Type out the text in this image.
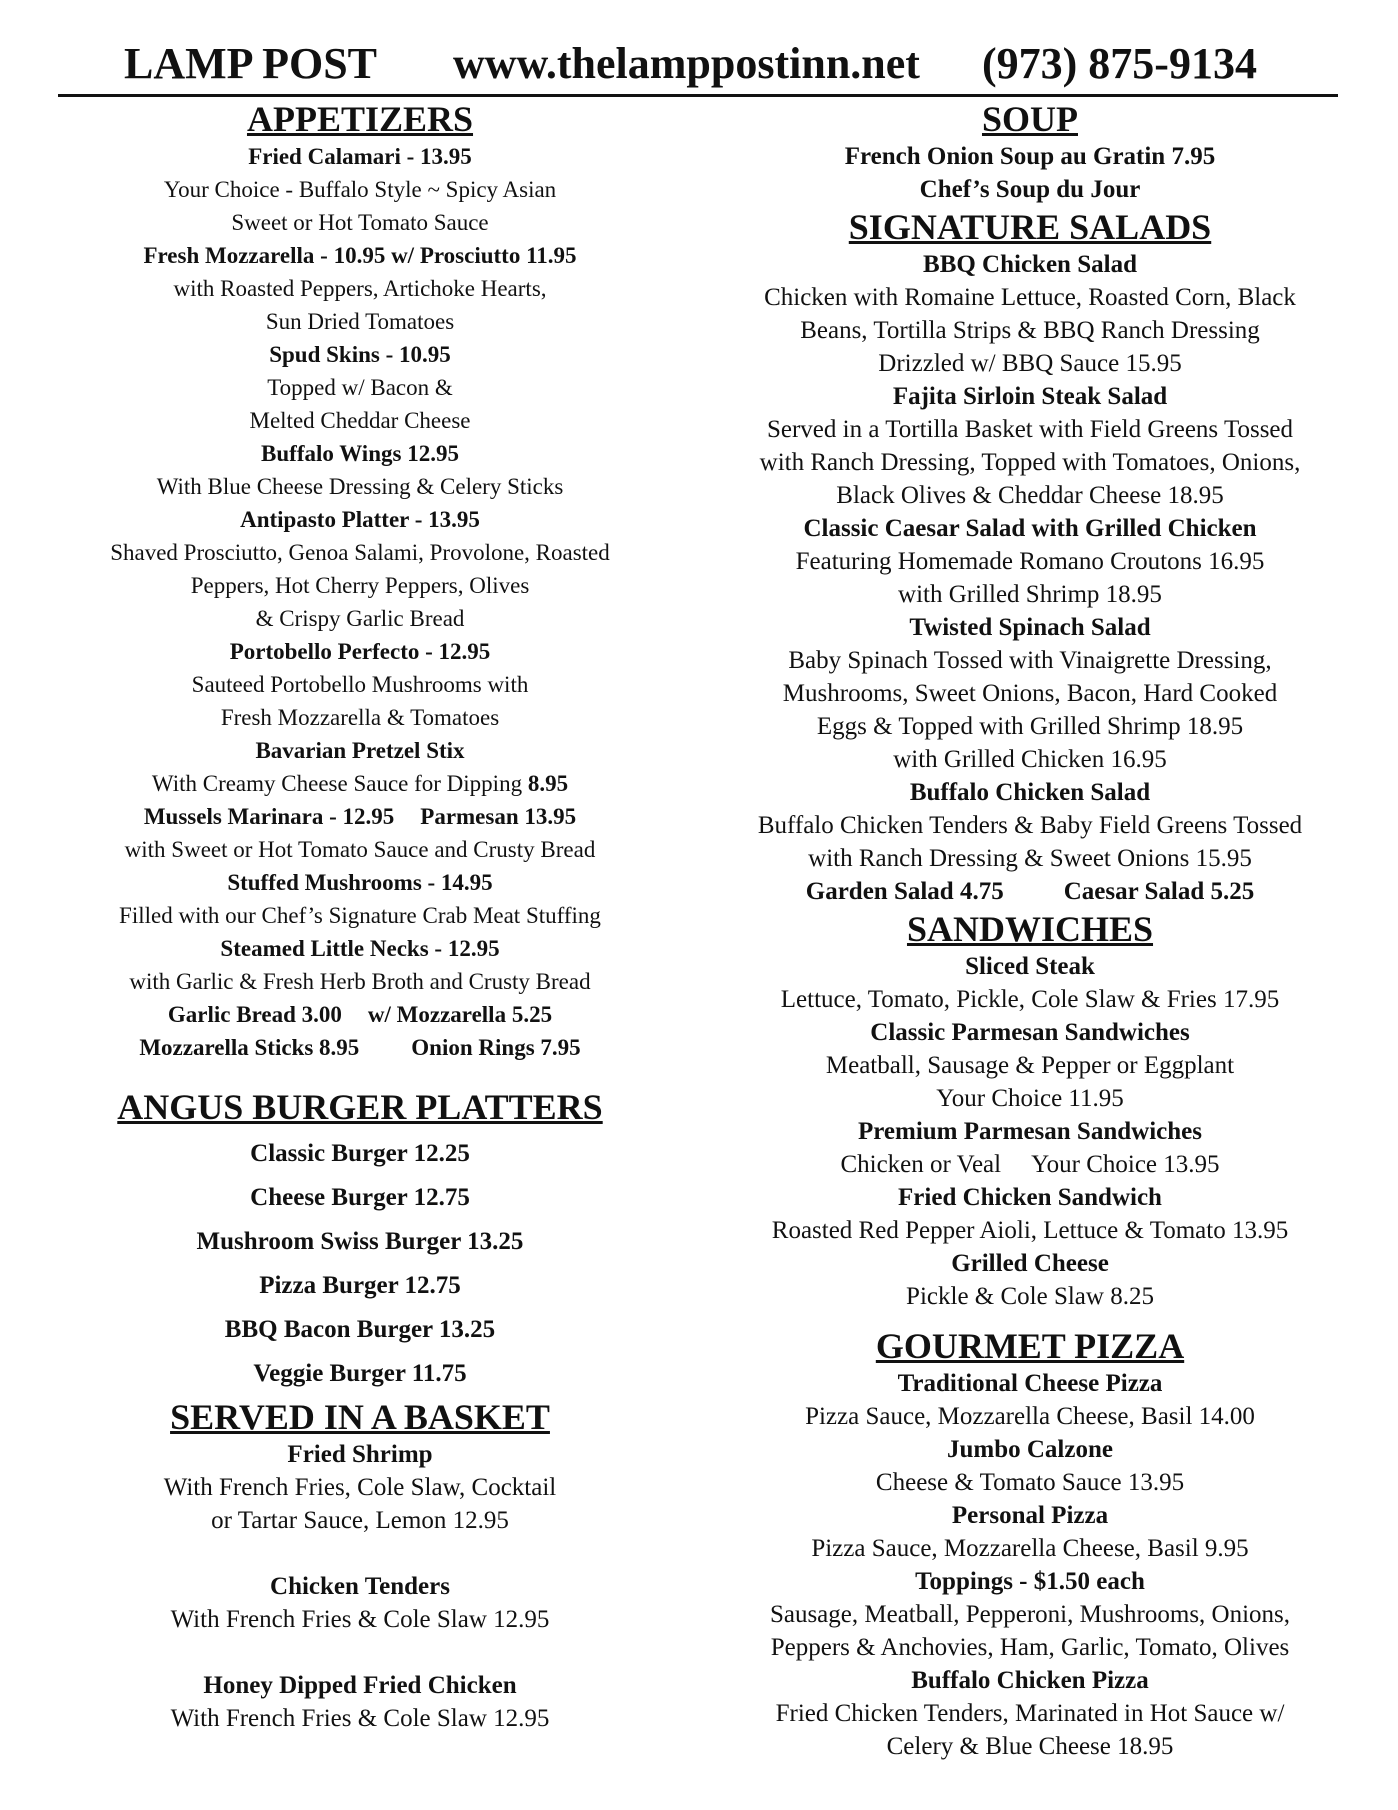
LAMP POST www.thelamppostinn.net (973) 875-9134
APPETIZERS
Fried Calamari - 13.95
Your Choice - Buffalo Style ~ Spicy Asian
Sweet or Hot Tomato Sauce
Fresh Mozzarella - 10.95 w/ Prosciutto 11.95
with Roasted Peppers, Artichoke Hearts,
Sun Dried Tomatoes
Spud Skins - 10.95
Topped w/ Bacon &
Melted Cheddar Cheese
Buffalo Wings 12.95
With Blue Cheese Dressing & Celery Sticks
Antipasto Platter - 13.95
Shaved Prosciutto, Genoa Salami, Provolone, Roasted
Peppers, Hot Cherry Peppers, Olives
& Crispy Garlic Bread
Portobello Perfecto - 12.95
Sauteed Portobello Mushrooms with
Fresh Mozzarella & Tomatoes
Bavarian Pretzel Stix
With Creamy Cheese Sauce for Dipping 8.95
Mussels Marinara - 12.95 Parmesan 13.95
with Sweet or Hot Tomato Sauce and Crusty Bread
Stuffed Mushrooms - 14.95
Filled with our Chef’s Signature Crab Meat Stuffing
Steamed Little Necks - 12.95
with Garlic & Fresh Herb Broth and Crusty Bread
Garlic Bread 3.00 w/ Mozzarella 5.25
Mozzarella Sticks 8.95 Onion Rings 7.95
ANGUS BURGER PLATTERS
Classic Burger 12.25
Cheese Burger 12.75
Mushroom Swiss Burger 13.25
Pizza Burger 12.75
BBQ Bacon Burger 13.25
Veggie Burger 11.75
SERVED IN A BASKET
Fried Shrimp
With French Fries, Cole Slaw, Cocktail
or Tartar Sauce, Lemon 12.95
Chicken Tenders
With French Fries & Cole Slaw 12.95
Honey Dipped Fried Chicken
With French Fries & Cole Slaw 12.95
SOUP
French Onion Soup au Gratin 7.95
Chef’s Soup du Jour
SIGNATURE SALADS
BBQ Chicken Salad
Chicken with Romaine Lettuce, Roasted Corn, Black
Beans, Tortilla Strips & BBQ Ranch Dressing
Drizzled w/ BBQ Sauce 15.95
Fajita Sirloin Steak Salad
Served in a Tortilla Basket with Field Greens Tossed
with Ranch Dressing, Topped with Tomatoes, Onions,
Black Olives & Cheddar Cheese 18.95
Classic Caesar Salad with Grilled Chicken
Featuring Homemade Romano Croutons 16.95
with Grilled Shrimp 18.95
Twisted Spinach Salad
Baby Spinach Tossed with Vinaigrette Dressing,
Mushrooms, Sweet Onions, Bacon, Hard Cooked
Eggs & Topped with Grilled Shrimp 18.95
with Grilled Chicken 16.95
Buffalo Chicken Salad
Buffalo Chicken Tenders & Baby Field Greens Tossed
with Ranch Dressing & Sweet Onions 15.95
Garden Salad 4.75 Caesar Salad 5.25
SANDWICHES
Sliced Steak
Lettuce, Tomato, Pickle, Cole Slaw & Fries 17.95
Classic Parmesan Sandwiches
Meatball, Sausage & Pepper or Eggplant
Your Choice 11.95
Premium Parmesan Sandwiches
Chicken or Veal Your Choice 13.95
Fried Chicken Sandwich
Roasted Red Pepper Aioli, Lettuce & Tomato 13.95
Grilled Cheese
Pickle & Cole Slaw 8.25
GOURMET PIZZA
Traditional Cheese Pizza
Pizza Sauce, Mozzarella Cheese, Basil 14.00
Jumbo Calzone
Cheese & Tomato Sauce 13.95
Personal Pizza
Pizza Sauce, Mozzarella Cheese, Basil 9.95
Toppings - $1.50 each
Sausage, Meatball, Pepperoni, Mushrooms, Onions,
Peppers & Anchovies, Ham, Garlic, Tomato, Olives
Buffalo Chicken Pizza
Fried Chicken Tenders, Marinated in Hot Sauce w/
Celery & Blue Cheese 18.95
